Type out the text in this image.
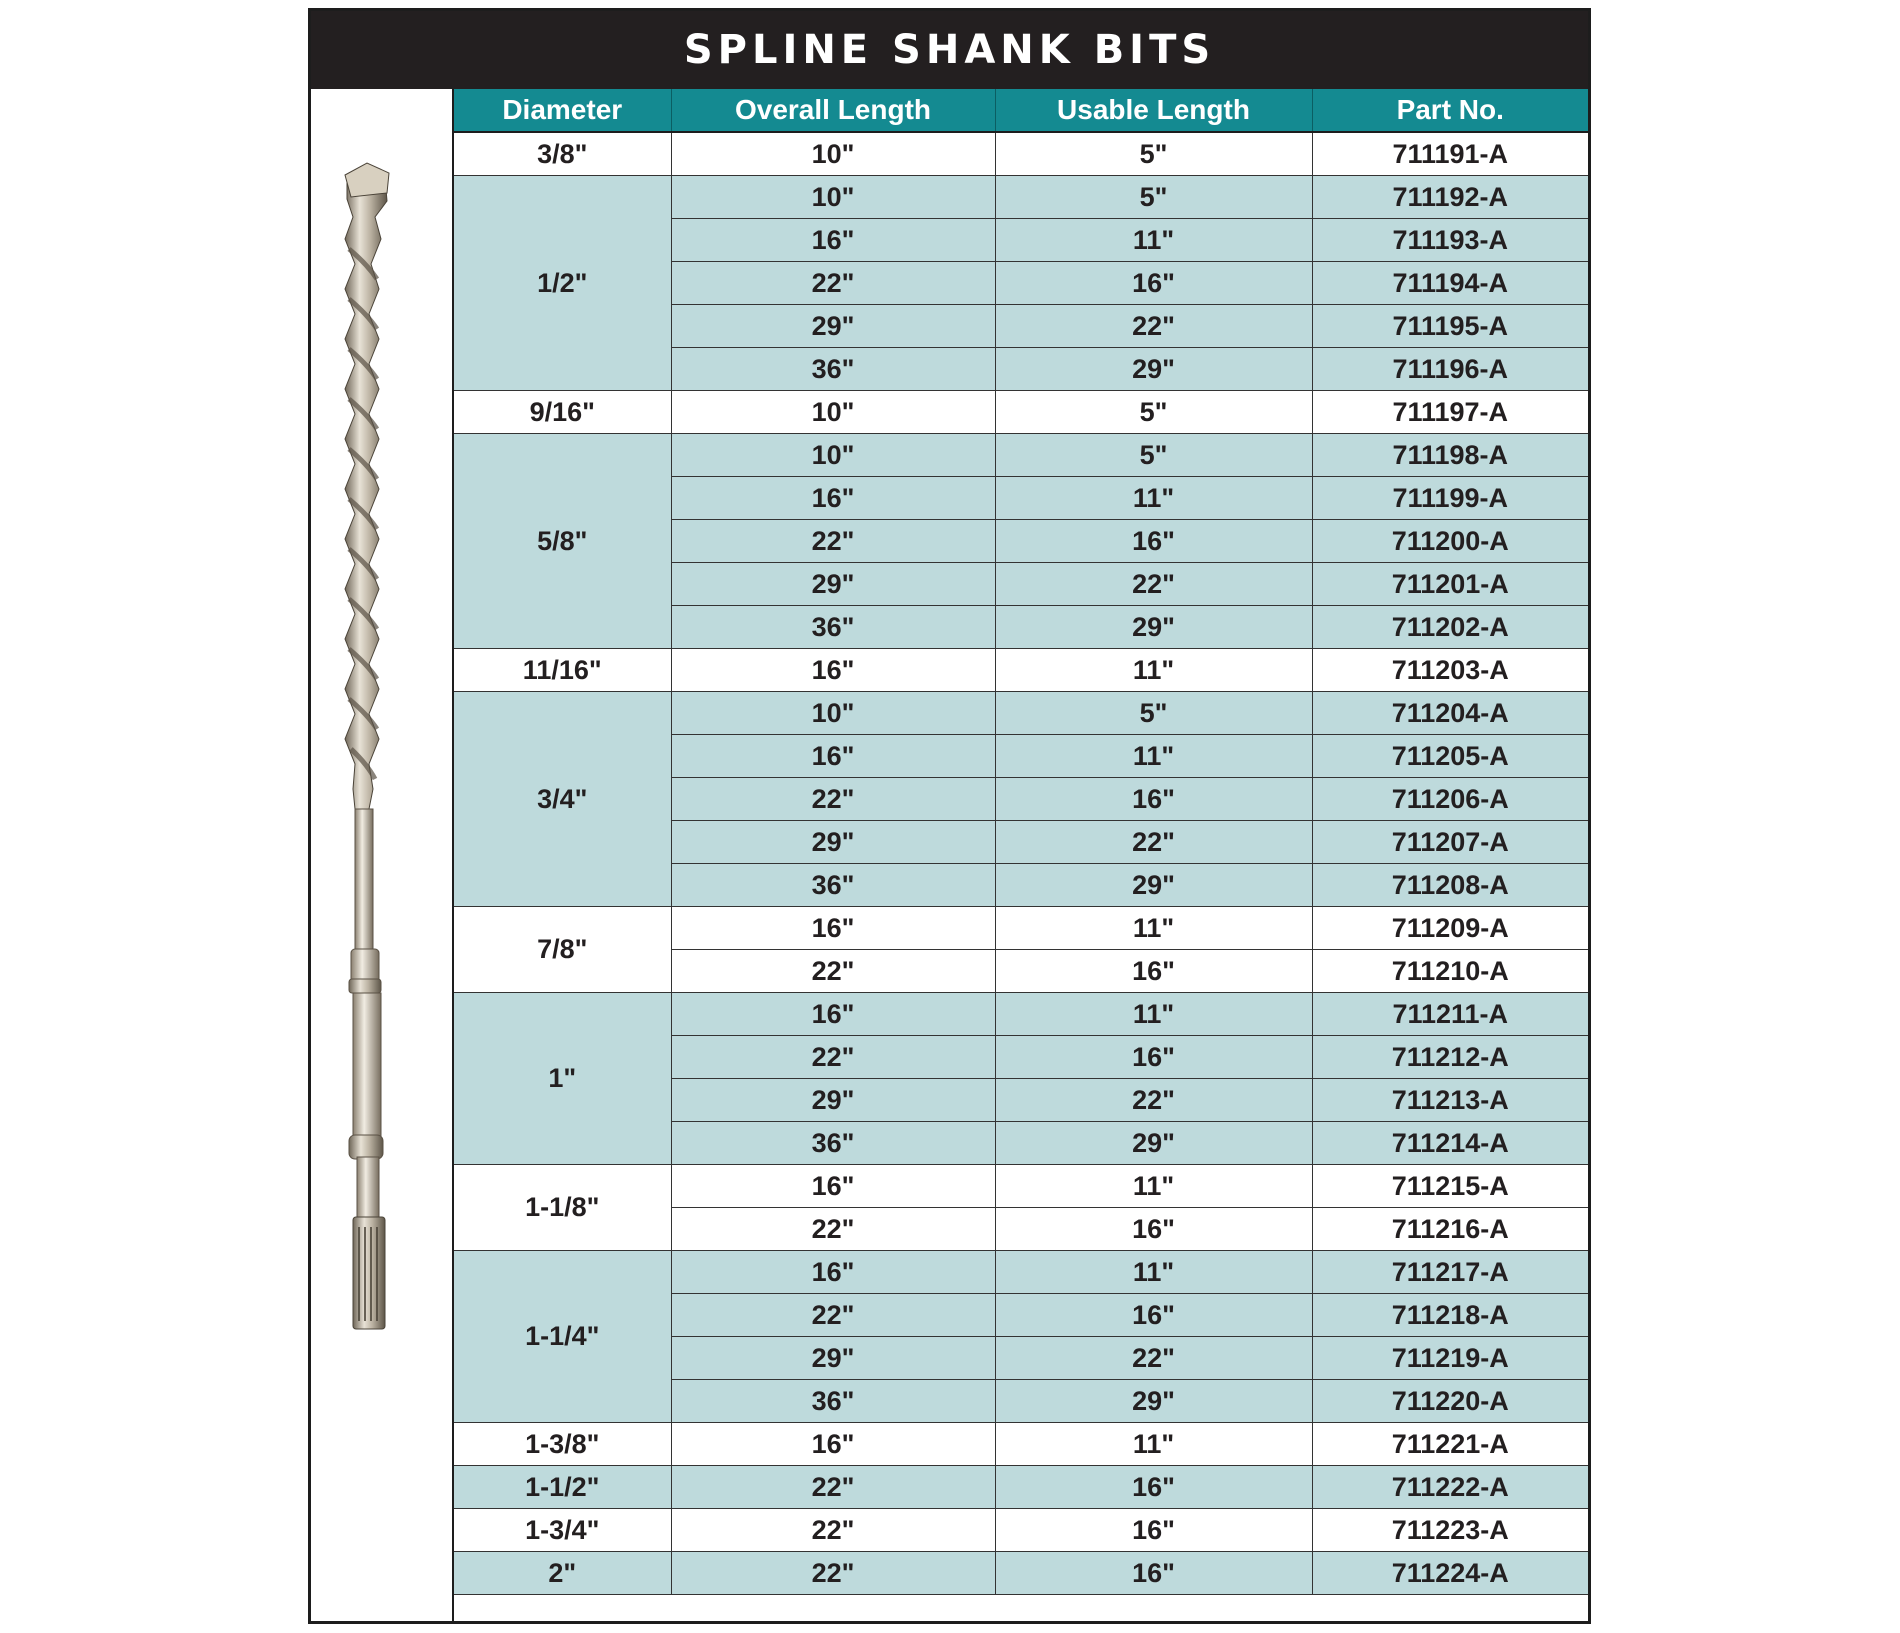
SPLINE SHANK BITS
Diameter	Overall Length	Usable Length	Part No.
3/8"	10"	5"	711191-A
1/2"	10"	5"	711192-A
	16"	11"	711193-A
	22"	16"	711194-A
	29"	22"	711195-A
	36"	29"	711196-A
9/16"	10"	5"	711197-A
5/8"	10"	5"	711198-A
	16"	11"	711199-A
	22"	16"	711200-A
	29"	22"	711201-A
	36"	29"	711202-A
11/16"	16"	11"	711203-A
3/4"	10"	5"	711204-A
	16"	11"	711205-A
	22"	16"	711206-A
	29"	22"	711207-A
	36"	29"	711208-A
7/8"	16"	11"	711209-A
	22"	16"	711210-A
1"	16"	11"	711211-A
	22"	16"	711212-A
	29"	22"	711213-A
	36"	29"	711214-A
1-1/8"	16"	11"	711215-A
	22"	16"	711216-A
1-1/4"	16"	11"	711217-A
	22"	16"	711218-A
	29"	22"	711219-A
	36"	29"	711220-A
1-3/8"	16"	11"	711221-A
1-1/2"	22"	16"	711222-A
1-3/4"	22"	16"	711223-A
2"	22"	16"	711224-A
